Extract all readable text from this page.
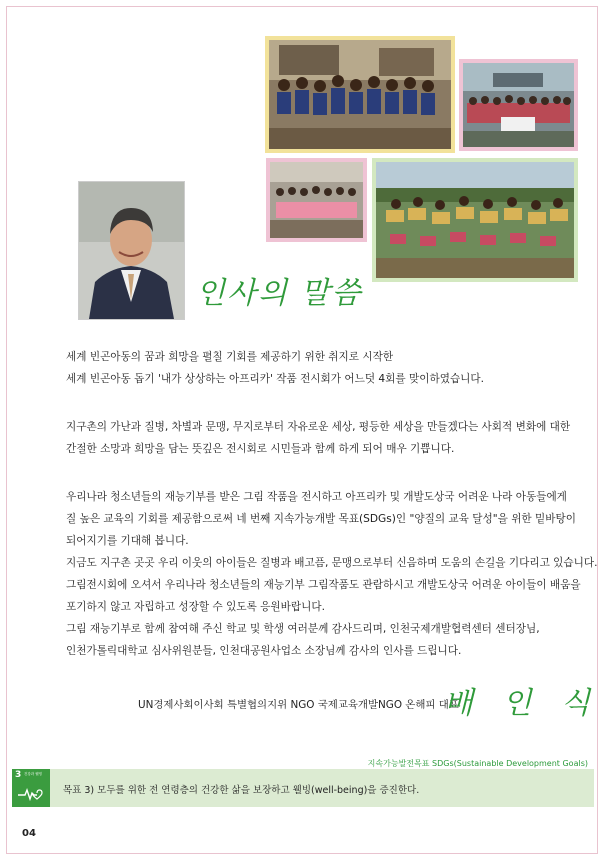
인사의 말씀
세계 빈곤아동의 꿈과 희망을 펼칠 기회를 제공하기 위한 취지로 시작한
세계 빈곤아동 돕기 '내가 상상하는 아프리카' 작품 전시회가 어느덧 4회를 맞이하였습니다.
지구촌의 가난과 질병, 차별과 문맹, 무지로부터 자유로운 세상, 평등한 세상을 만들겠다는 사회적 변화에 대한
간절한 소망과 희망을 담는 뜻깊은 전시회로 시민들과 함께 하게 되어 매우 기쁩니다.
우리나라 청소년들의 재능기부를 받은 그림 작품을 전시하고 아프리카 및 개발도상국 어려운 나라 아동들에게
질 높은 교육의 기회를 제공함으로써 네 번째 지속가능개발 목표(SDGs)인 "양질의 교육 달성"을 위한 밑바탕이
되어지기를 기대해 봅니다.
지금도 지구촌 곳곳 우리 이웃의 아이들은 질병과 배고픔, 문맹으로부터 신음하며 도움의 손길을 기다리고 있습니다.
그림전시회에 오셔서 우리나라 청소년들의 재능기부 그림작품도 관람하시고 개발도상국 어려운 아이들이 배움을
포기하지 않고 자립하고 성장할 수 있도록 응원바랍니다.
그림 재능기부로 함께 참여해 주신 학교 및 학생 여러분께 감사드리며, 인천국제개발협력센터 센터장님,
인천가톨릭대학교 심사위원분들, 인천대공원사업소 소장님께 감사의 인사를 드립니다.
UN경제사회이사회 특별협의지위 NGO 국제교육개발NGO 온해피 대표
배 인 식
지속가능발전목표 SDGs(Sustainable Development Goals)
3 건강과 웰빙
목표 3) 모두를 위한 전 연령층의 건강한 삶을 보장하고 웰빙(well-being)을 증진한다.
04
